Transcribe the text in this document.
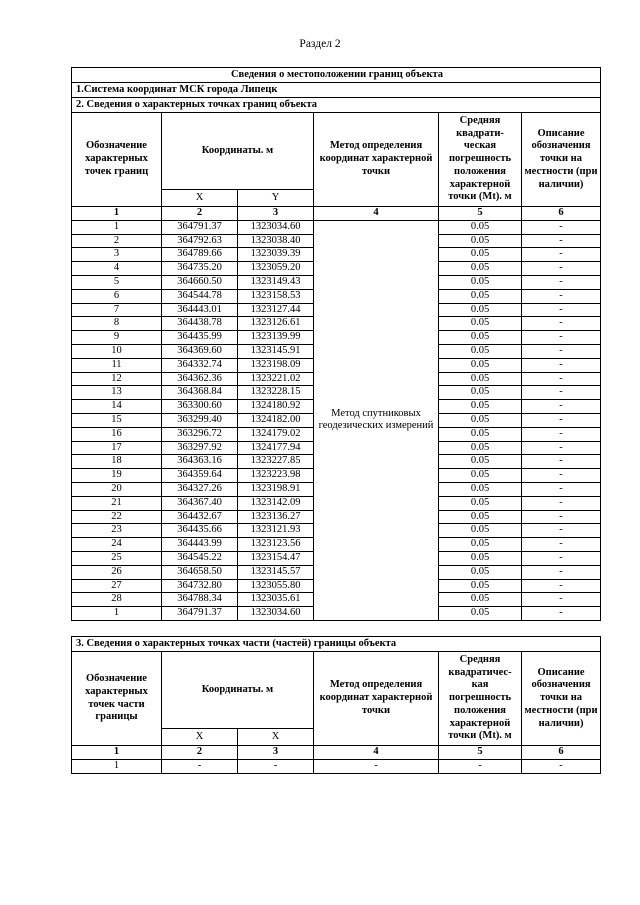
Раздел 2
Сведения о местоположении границ объекта					
1.Система координат МСК города Липецк					
2. Сведения о характерных точках границ объекта					
Обозначение характерных точек границ	Координаты. м		Метод определения координат характерной точки	Средняя квадрати-ческая погрешность положения характерной точки (Mt). м	Описание обозначения точки на местности (при наличии)
	X	Y			
1	2	3	4	5	6
1	364791.37	1323034.60	Метод спутниковых геодезических измерений	0.05	-
2	364792.63	1323038.40		0.05	-
3	364789.66	1323039.39		0.05	-
4	364735.20	1323059.20		0.05	-
5	364660.50	1323149.43		0.05	-
6	364544.78	1323158.53		0.05	-
7	364443.01	1323127.44		0.05	-
8	364438.78	1323126.61		0.05	-
9	364435.99	1323139.99		0.05	-
10	364369.60	1323145.91		0.05	-
11	364332.74	1323198.09		0.05	-
12	364362.36	1323221.02		0.05	-
13	364368.84	1323228.15		0.05	-
14	363300.60	1324180.92		0.05	-
15	363299.40	1324182.00		0.05	-
16	363296.72	1324179.02		0.05	-
17	363297.92	1324177.94		0.05	-
18	364363.16	1323227.85		0.05	-
19	364359.64	1323223.98		0.05	-
20	364327.26	1323198.91		0.05	-
21	364367.40	1323142.09		0.05	-
22	364432.67	1323136.27		0.05	-
23	364435.66	1323121.93		0.05	-
24	364443.99	1323123.56		0.05	-
25	364545.22	1323154.47		0.05	-
26	364658.50	1323145.57		0.05	-
27	364732.80	1323055.80		0.05	-
28	364788.34	1323035.61		0.05	-
1	364791.37	1323034.60		0.05	-
3. Сведения о характерных точках части (частей) границы объекта					
Обозначение характерных точек части границы	Координаты. м		Метод определения координат характерной точки	Средняя квадратичес-кая погрешность положения характерной точки (Mt). м	Описание обозначения точки на местности (при наличии)
	X	X			
1	2	3	4	5	6
1	-	-	-	-	-
